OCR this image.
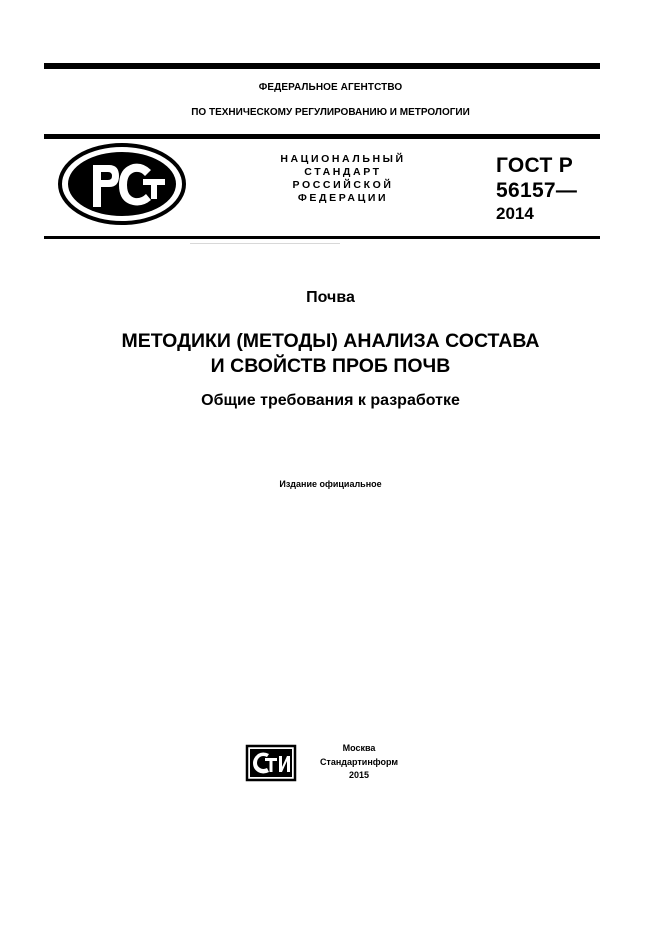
ФЕДЕРАЛЬНОЕ АГЕНТСТВО
ПО ТЕХНИЧЕСКОМУ РЕГУЛИРОВАНИЮ И МЕТРОЛОГИИ
НАЦИОНАЛЬНЫЙ
СТАНДАРТ
РОССИЙСКОЙ
ФЕДЕРАЦИИ
ГОСТ Р
56157—
2014
Почва
МЕТОДИКИ (МЕТОДЫ) АНАЛИЗА СОСТАВА
И СВОЙСТВ ПРОБ ПОЧВ
Общие требования к разработке
Издание официальное
Москва
Стандартинформ
2015
